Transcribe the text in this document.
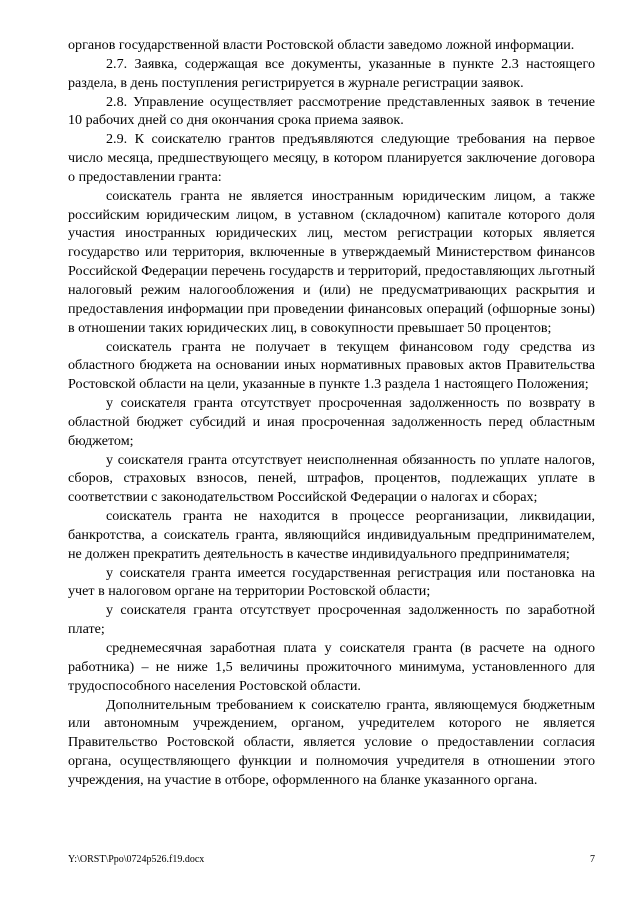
органов государственной власти Ростовской области заведомо ложной информации.

2.7. Заявка, содержащая все документы, указанные в пункте 2.3 настоящего раздела, в день поступления регистрируется в журнале регистрации заявок.

2.8. Управление осуществляет рассмотрение представленных заявок в течение 10 рабочих дней со дня окончания срока приема заявок.

2.9. К соискателю грантов предъявляются следующие требования на первое число месяца, предшествующего месяцу, в котором планируется заключение договора о предоставлении гранта:

соискатель гранта не является иностранным юридическим лицом, а также российским юридическим лицом, в уставном (складочном) капитале которого доля участия иностранных юридических лиц, местом регистрации которых является государство или территория, включенные в утверждаемый Министерством финансов Российской Федерации перечень государств и территорий, предоставляющих льготный налоговый режим налогообложения и (или) не предусматривающих раскрытия и предоставления информации при проведении финансовых операций (офшорные зоны) в отношении таких юридических лиц, в совокупности превышает 50 процентов;

соискатель гранта не получает в текущем финансовом году средства из областного бюджета на основании иных нормативных правовых актов Правительства Ростовской области на цели, указанные в пункте 1.3 раздела 1 настоящего Положения;

у соискателя гранта отсутствует просроченная задолженность по возврату в областной бюджет субсидий и иная просроченная задолженность перед областным бюджетом;

у соискателя гранта отсутствует неисполненная обязанность по уплате налогов, сборов, страховых взносов, пеней, штрафов, процентов, подлежащих уплате в соответствии с законодательством Российской Федерации о налогах и сборах;

соискатель гранта не находится в процессе реорганизации, ликвидации, банкротства, а соискатель гранта, являющийся индивидуальным предпринимателем, не должен прекратить деятельность в качестве индивидуального предпринимателя;

у соискателя гранта имеется государственная регистрация или постановка на учет в налоговом органе на территории Ростовской области;

у соискателя гранта отсутствует просроченная задолженность по заработной плате;

среднемесячная заработная плата у соискателя гранта (в расчете на одного работника) – не ниже 1,5 величины прожиточного минимума, установленного для трудоспособного населения Ростовской области.

Дополнительным требованием к соискателю гранта, являющемуся бюджетным или автономным учреждением, органом, учредителем которого не является Правительство Ростовской области, является условие о предоставлении согласия органа, осуществляющего функции и полномочия учредителя в отношении этого учреждения, на участие в отборе, оформленного на бланке указанного органа.

Y:\ORST\Ppo\0724p526.f19.docx	7
